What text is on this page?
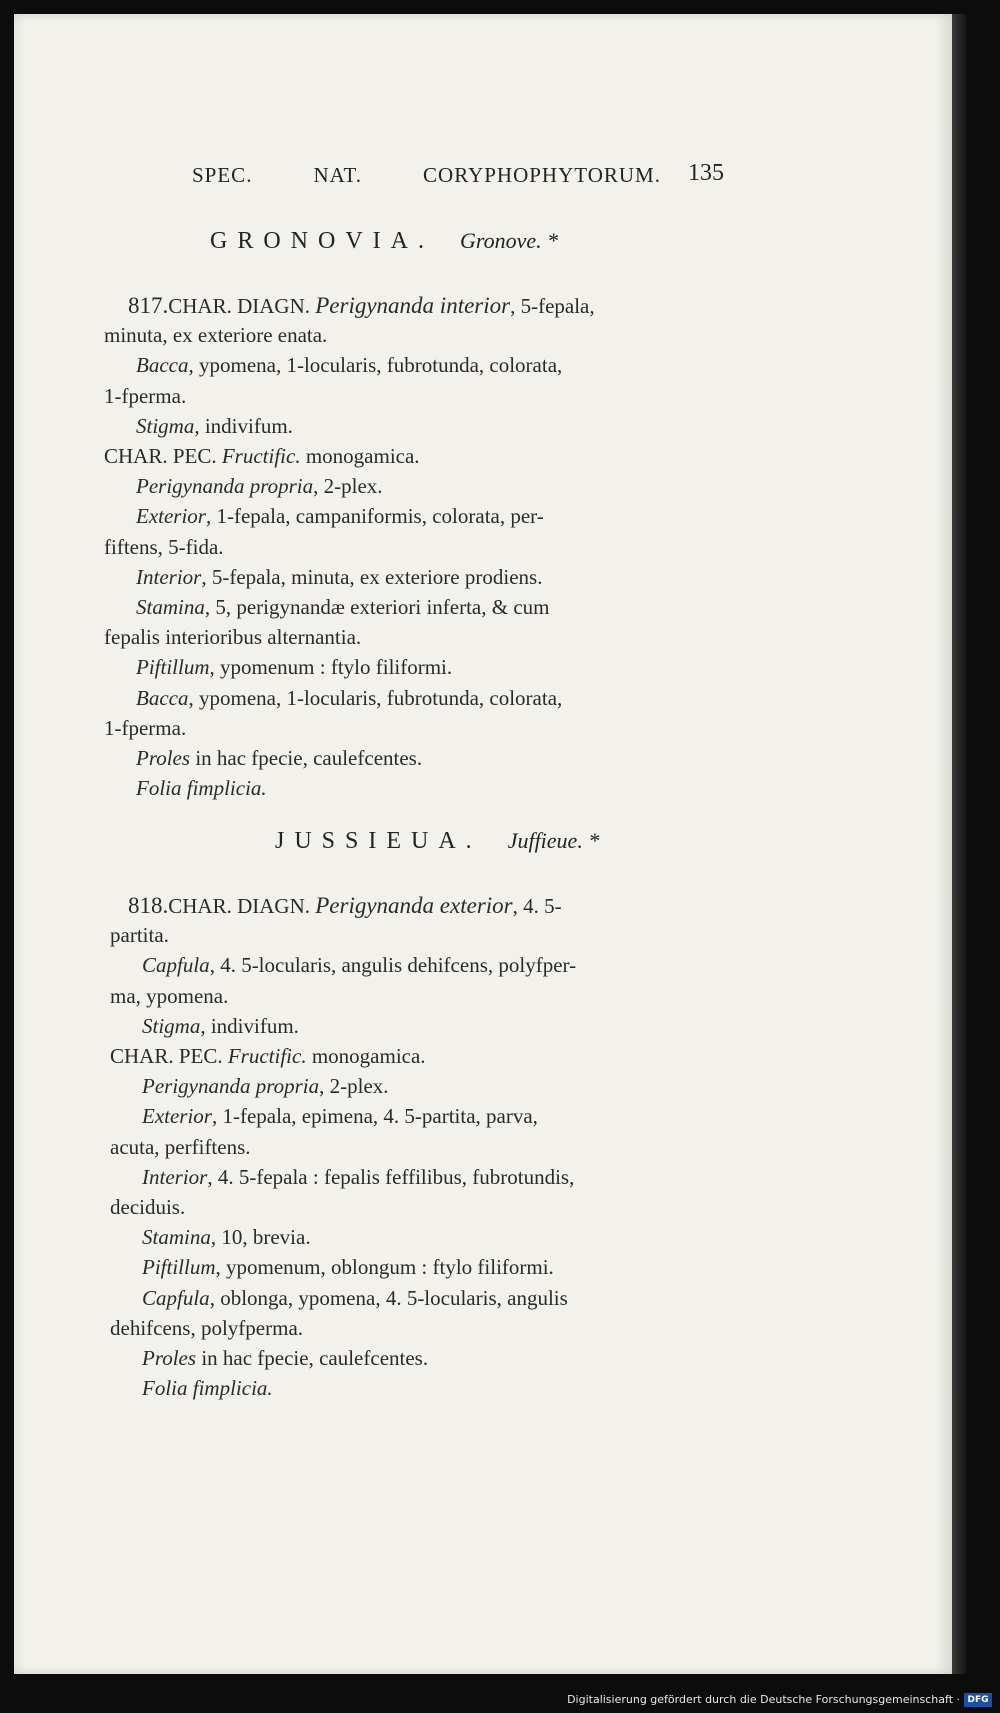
SPEC.	NAT.	CORYPHOPHYTORUM. 135
GRONOVIA. Gronove. *
817.CHAR. DIAGN. Perigynanda interior, 5-fepala,
minuta, ex exteriore enata.
Bacca, ypomena, 1-locularis, fubrotunda, colorata,
1-fperma.
Stigma, indivifum.
CHAR. PEC. Fructific. monogamica.
Perigynanda propria, 2-plex.
Exterior, 1-fepala, campaniformis, colorata, per-
fiftens, 5-fida.
Interior, 5-fepala, minuta, ex exteriore prodiens.
Stamina, 5, perigynandæ exteriori inferta, & cum
fepalis interioribus alternantia.
Piftillum, ypomenum : ftylo filiformi.
Bacca, ypomena, 1-locularis, fubrotunda, colorata,
1-fperma.
Proles in hac fpecie, caulefcentes.
Folia fimplicia.
JUSSIEUA. Juffieue. *
818.CHAR. DIAGN. Perigynanda exterior, 4. 5-
partita.
Capfula, 4. 5-locularis, angulis dehifcens, polyfper-
ma, ypomena.
Stigma, indivifum.
CHAR. PEC. Fructific. monogamica.
Perigynanda propria, 2-plex.
Exterior, 1-fepala, epimena, 4. 5-partita, parva,
acuta, perfiftens.
Interior, 4. 5-fepala : fepalis feffilibus, fubrotundis,
deciduis.
Stamina, 10, brevia.
Piftillum, ypomenum, oblongum : ftylo filiformi.
Capfula, oblonga, ypomena, 4. 5-locularis, angulis
dehifcens, polyfperma.
Proles in hac fpecie, caulefcentes.
Folia fimplicia.
Digitalisierung gefördert durch die Deutsche Forschungsgemeinschaft · DFG
